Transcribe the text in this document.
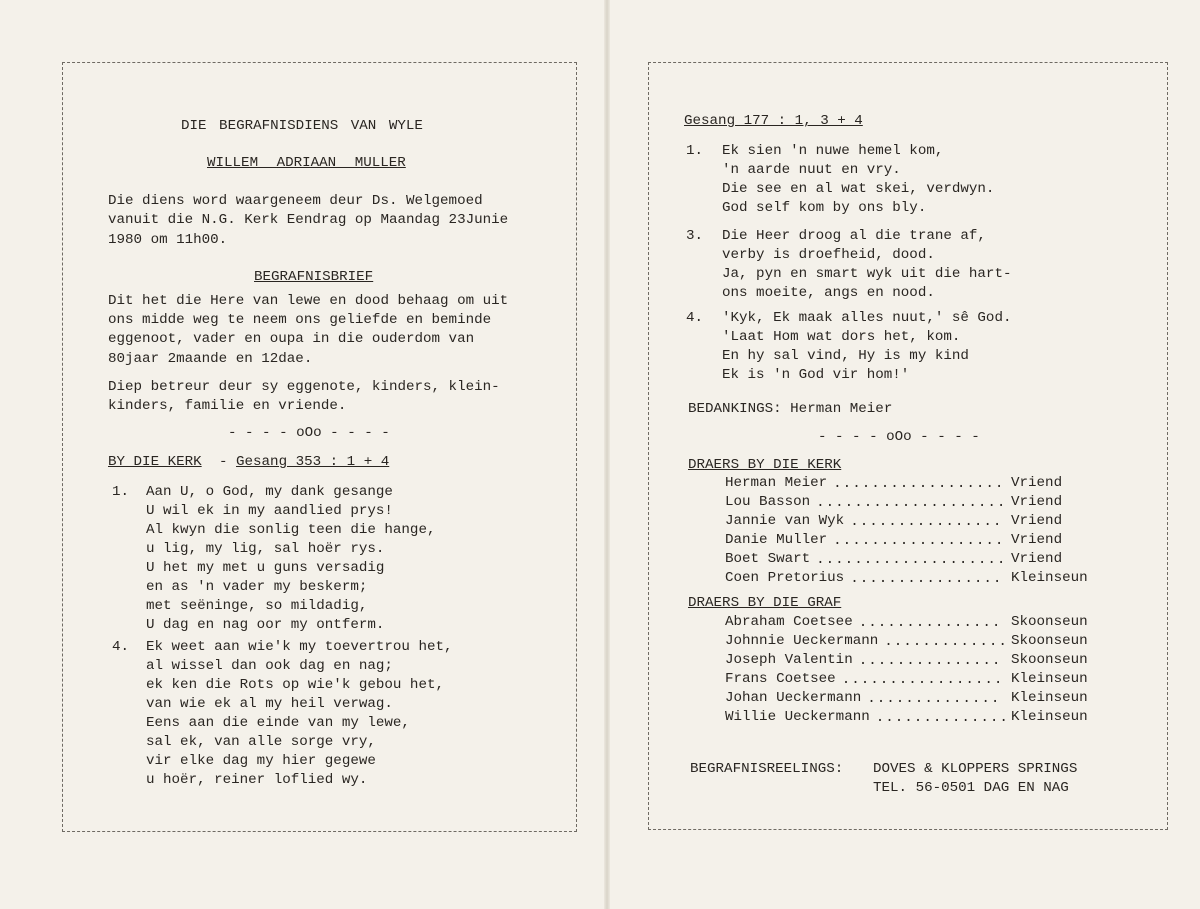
DIE BEGRAFNISDIENS VAN WYLE
WILLEM ADRIAAN MULLER
Die diens word waargeneem deur Ds. Welgemoed
vanuit die N.G. Kerk Eendrag op Maandag 23Junie
1980 om 11h00.
BEGRAFNISBRIEF
Dit het die Here van lewe en dood behaag om uit
ons midde weg te neem ons geliefde en beminde
eggenoot, vader en oupa in die ouderdom van
80jaar 2maande en 12dae.
Diep betreur deur sy eggenote, kinders, klein-
kinders, familie en vriende.
- - - - oOo - - - -
BY DIE KERK - Gesang 353 : 1 + 4
1. Aan U, o God, my dank gesange
U wil ek in my aandlied prys!
Al kwyn die sonlig teen die hange,
u lig, my lig, sal hoër rys.
U het my met u guns versadig
en as 'n vader my beskerm;
met seëninge, so mildadig,
U dag en nag oor my ontferm.
4. Ek weet aan wie'k my toevertrou het,
al wissel dan ook dag en nag;
ek ken die Rots op wie'k gebou het,
van wie ek al my heil verwag.
Eens aan die einde van my lewe,
sal ek, van alle sorge vry,
vir elke dag my hier gegewe
u hoër, reiner loflied wy.
Gesang 177 : 1, 3 + 4
1. Ek sien 'n nuwe hemel kom,
'n aarde nuut en vry.
Die see en al wat skei, verdwyn.
God self kom by ons bly.
3. Die Heer droog al die trane af,
verby is droefheid, dood.
Ja, pyn en smart wyk uit die hart-
ons moeite, angs en nood.
4. 'Kyk, Ek maak alles nuut,' sê God.
'Laat Hom wat dors het, kom.
En hy sal vind, Hy is my kind
Ek is 'n God vir hom!'
BEDANKINGS: Herman Meier
- - - - oOo - - - -
DRAERS BY DIE KERK
Herman Meier .................. Vriend
Lou Basson .................... Vriend
Jannie van Wyk ................ Vriend
Danie Muller .................. Vriend
Boet Swart .................... Vriend
Coen Pretorius ................ Kleinseun
DRAERS BY DIE GRAF
Abraham Coetsee ............... Skoonseun
Johnnie Ueckermann ............. Skoonseun
Joseph Valentin ............... Skoonseun
Frans Coetsee ................. Kleinseun
Johan Ueckermann .............. Kleinseun
Willie Ueckermann .............. Kleinseun
BEGRAFNISREELINGS: DOVES & KLOPPERS SPRINGS
TEL. 56-0501 DAG EN NAG
